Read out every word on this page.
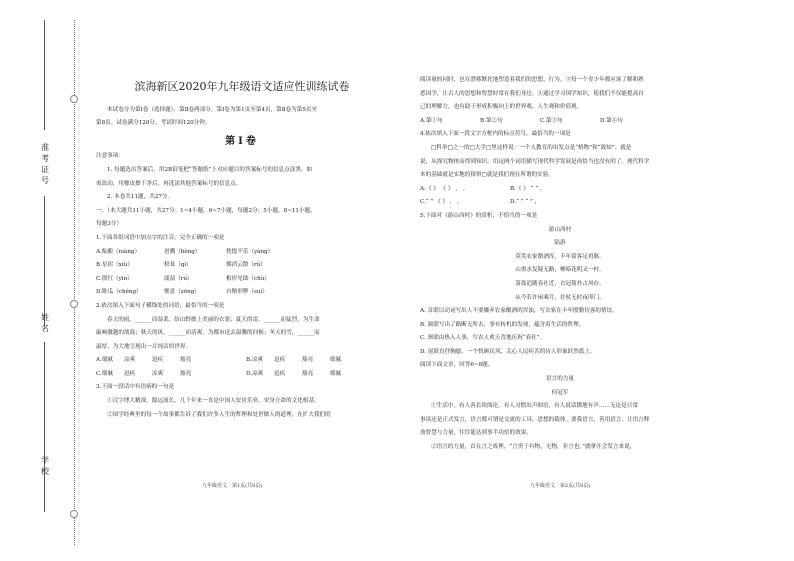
准考证号
姓名
学校

滨海新区2020年九年级语文适应性训练试卷

本试卷分为第Ⅰ卷（选择题）、第Ⅱ卷两部分。第Ⅰ卷为第1页至第4页，第Ⅱ卷为第5页至

第8页。试卷满分120分。考试时间120分钟。

第Ⅰ卷

注意事项：

1. 每题选出答案后，用2B铅笔把“答题纸”上对应题目的答案标号的信息点涂黑。如

需改动，用橡皮擦干净后，再选涂其他答案标号的信息点。

2. 本卷共11题，共27分。

一、（本大题共11小题，共27分。1~4小题，6~7小题，每题2分；5小题，8~11小题，

每题3分）

1.下面各组词语中加点字的注音，完全正确的一项是

A.酝酿（niàng）	迸溅（bèng）	恍惚不乐（yàng）
B.星宿（xiù）	修葺（qì）	烟消云散（rù）
C.殷红（yīn）	濡湿（rú）	相形见绌（chù）
D.畦瓜（chéng）	惬意（zōng）	自惭形秽（suì）

2.依次填入下面句子横线处的词语，最恰当的一项是

春天的雨，______而湿柔，给山野披上美丽的衣裳；夏天的雷，______而猛烈，为生命

敲响激越的战鼓；秋天的风，______而清爽，为都市送去温馨的问候；冬天的雪，______而

温厚，为大地呈现出一片纯洁的世界。

A.细腻	凉爽	迅疾	豁亮	B.凉爽	迅疾	豁亮	细腻
C.细腻	迅疾	凉爽	豁亮	D.凉爽	迅疾	豁亮	细腻

3.下面一段话中有语病的一句是

①汉字博大精深，源远流长，几千年来一直是中国人安居乐业、安身立命的文化根基。

②国学经典里的每一个故事都告诉了我们许多人生的哲理和处世做人的道理，在扩大我们的

九年级语文　第1页(共8页)

阅读量的同时，也在潜移默化地塑造着我们的思想、行为。③每一个青少年都应该了解和熟

悉国学，让古人的思想和智慧时常在我们身边。④通过学习国学知识，使我们不仅能提高自

己的理解力，也有助于形成积极向上的世界观、人生观和价值观。

A.第①句	B.第②句	C.第③句	D.第④句

4.依次填入下面一段文字方框内的标点符号，最恰当的一项是

□科举□之一的□大学□里这样说：一个人教育的出发点是“格物”和“致知”。就是

说，从探究物体而得到知识，用这两个词语描写现代科学发展是再恰当也没有的了。现代科学

本的基础就是实地的探察□就是我们现在所谓的实验。

A.《 》 《 》 ， 。	B.《 》 “ ” ，
C.“ ” 《 》 ， 。	D.“ ” “ ” ，

5.下面对《游山西村》的赏析，不恰当的一项是

游山西村

陆游

莫笑农家腊酒浑，丰年留客足鸡豚。

山重水复疑无路，柳暗花明又一村。

箫鼓追随春社近，衣冠简朴古风存。

从今若许闲乘月，拄杖无时夜叩门。

A. 首联以动词写出人不要嫌弃农家酿酒的浑浊，写农家在丰年殷勤待客的情谊。

B. 颔联写出了路断无所去，事有转机的发现，蕴含着生活的哲理。

C. 颈联由热入人事，写农人欢天喜地庆祝“春社”。

D. 尾联直抒胸臆，一个恍顾民风、关心人民疾苦的诗人形象跃然纸上。

阅读下面文章，回答6~8题。

语言的力量

何冠军

①生活中，有人善长谈阅论，有人习惯出声细语，有人说话掷地有声……无论是日常

事谈还是正式发言，语言都可谓是交流的工具、思想的载体。要我语言，善用语言，让语言释

放智慧与力量，往往能达到事半功倍的效果。

②语言的力量，首在言之成理。“言贵于有物，无物，非言也。”就拿开会发言来说，

九年级语文　第2页(共8页)
